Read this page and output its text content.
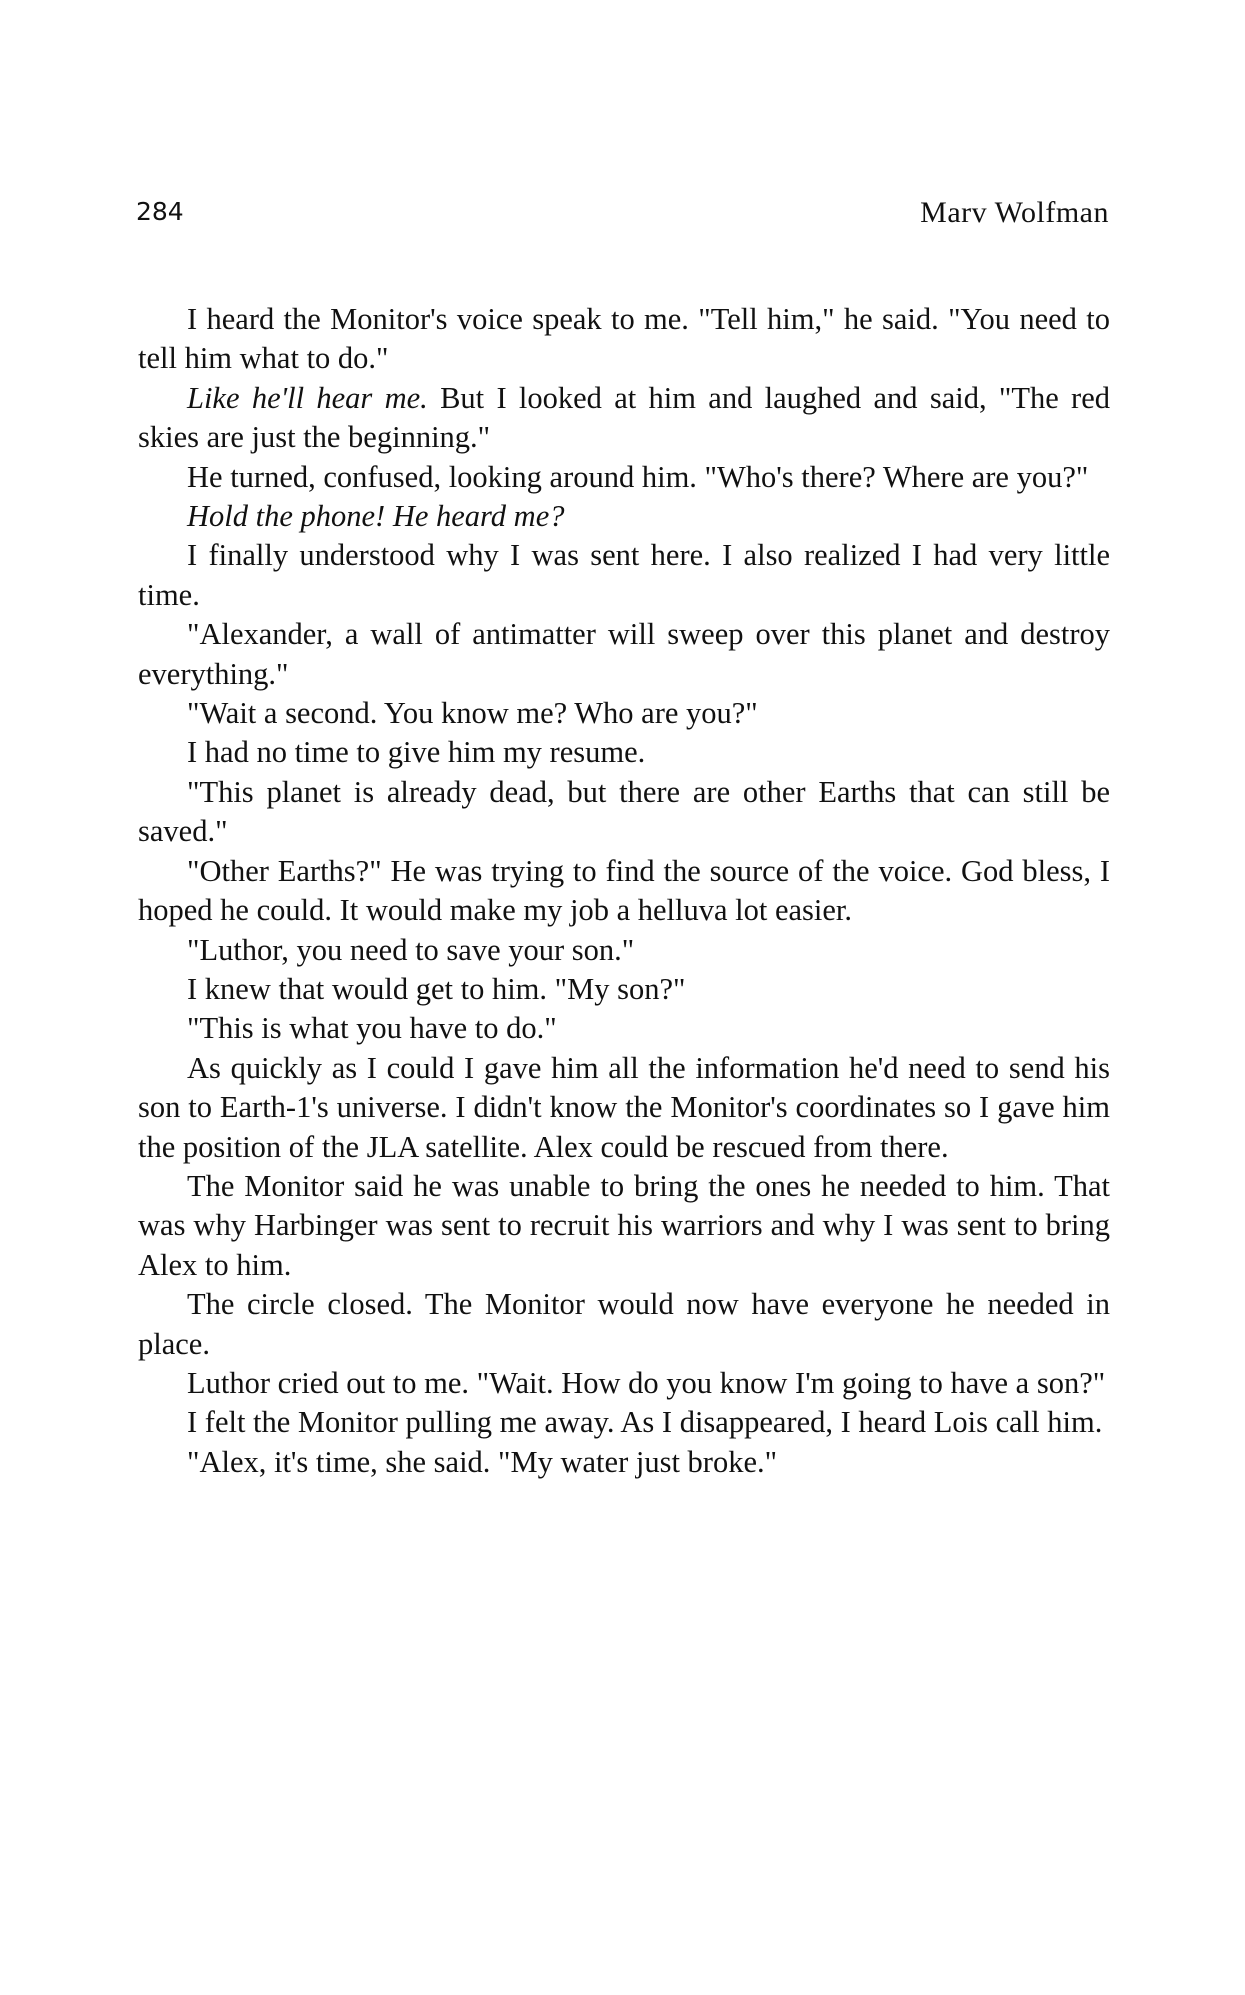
284	Marv Wolfman

I heard the Monitor's voice speak to me. "Tell him," he said. "You need to tell him what to do."

Like he'll hear me. But I looked at him and laughed and said, "The red skies are just the beginning."

He turned, confused, looking around him. "Who's there? Where are you?"

Hold the phone! He heard me?

I finally understood why I was sent here. I also realized I had very little time.

"Alexander, a wall of antimatter will sweep over this planet and destroy everything."

"Wait a second. You know me? Who are you?"

I had no time to give him my resume.

"This planet is already dead, but there are other Earths that can still be saved."

"Other Earths?" He was trying to find the source of the voice. God bless, I hoped he could. It would make my job a helluva lot easier.

"Luthor, you need to save your son."

I knew that would get to him. "My son?"

"This is what you have to do."

As quickly as I could I gave him all the information he'd need to send his son to Earth-1's universe. I didn't know the Monitor's coordinates so I gave him the position of the JLA satellite. Alex could be rescued from there.

The Monitor said he was unable to bring the ones he needed to him. That was why Harbinger was sent to recruit his warriors and why I was sent to bring Alex to him.

The circle closed. The Monitor would now have everyone he needed in place.

Luthor cried out to me. "Wait. How do you know I'm going to have a son?"

I felt the Monitor pulling me away. As I disappeared, I heard Lois call him.

"Alex, it's time, she said. "My water just broke."
